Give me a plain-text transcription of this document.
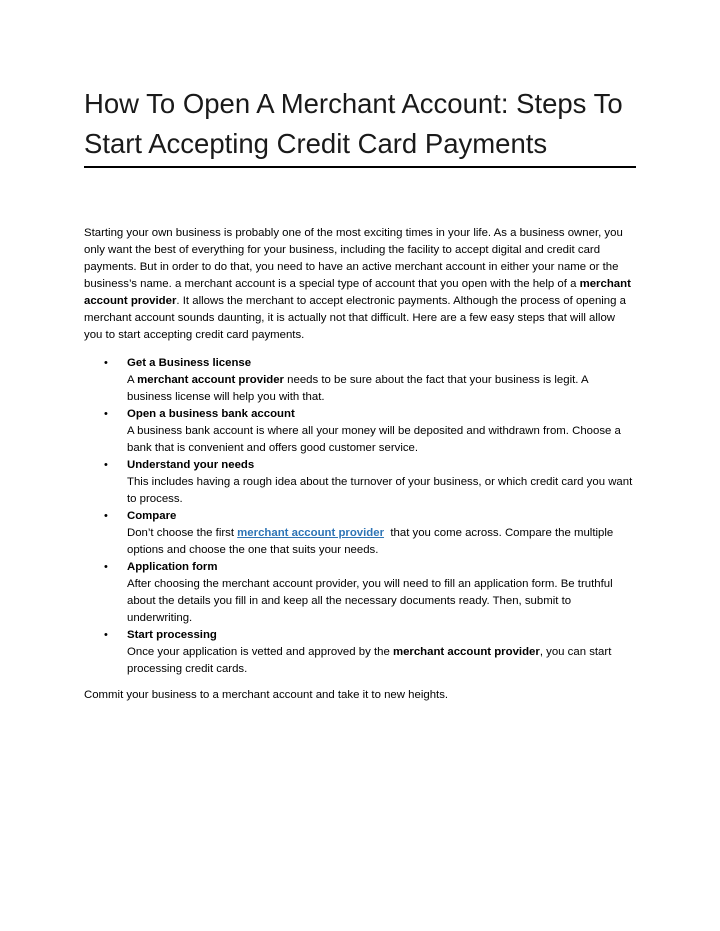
How To Open A Merchant Account: Steps To Start Accepting Credit Card Payments

Starting your own business is probably one of the most exciting times in your life. As a business owner, you only want the best of everything for your business, including the facility to accept digital and credit card payments. But in order to do that, you need to have an active merchant account in either your name or the business’s name. a merchant account is a special type of account that you open with the help of a merchant account provider. It allows the merchant to accept electronic payments. Although the process of opening a merchant account sounds daunting, it is actually not that difficult. Here are a few easy steps that will allow you to start accepting credit card payments.

• Get a Business license
A merchant account provider needs to be sure about the fact that your business is legit. A business license will help you with that.
• Open a business bank account
A business bank account is where all your money will be deposited and withdrawn from. Choose a bank that is convenient and offers good customer service.
• Understand your needs
This includes having a rough idea about the turnover of your business, or which credit card you want to process.
• Compare
Don’t choose the first merchant account provider  that you come across. Compare the multiple options and choose the one that suits your needs.
• Application form
After choosing the merchant account provider, you will need to fill an application form. Be truthful about the details you fill in and keep all the necessary documents ready. Then, submit to underwriting.
• Start processing
Once your application is vetted and approved by the merchant account provider, you can start processing credit cards.

Commit your business to a merchant account and take it to new heights.
